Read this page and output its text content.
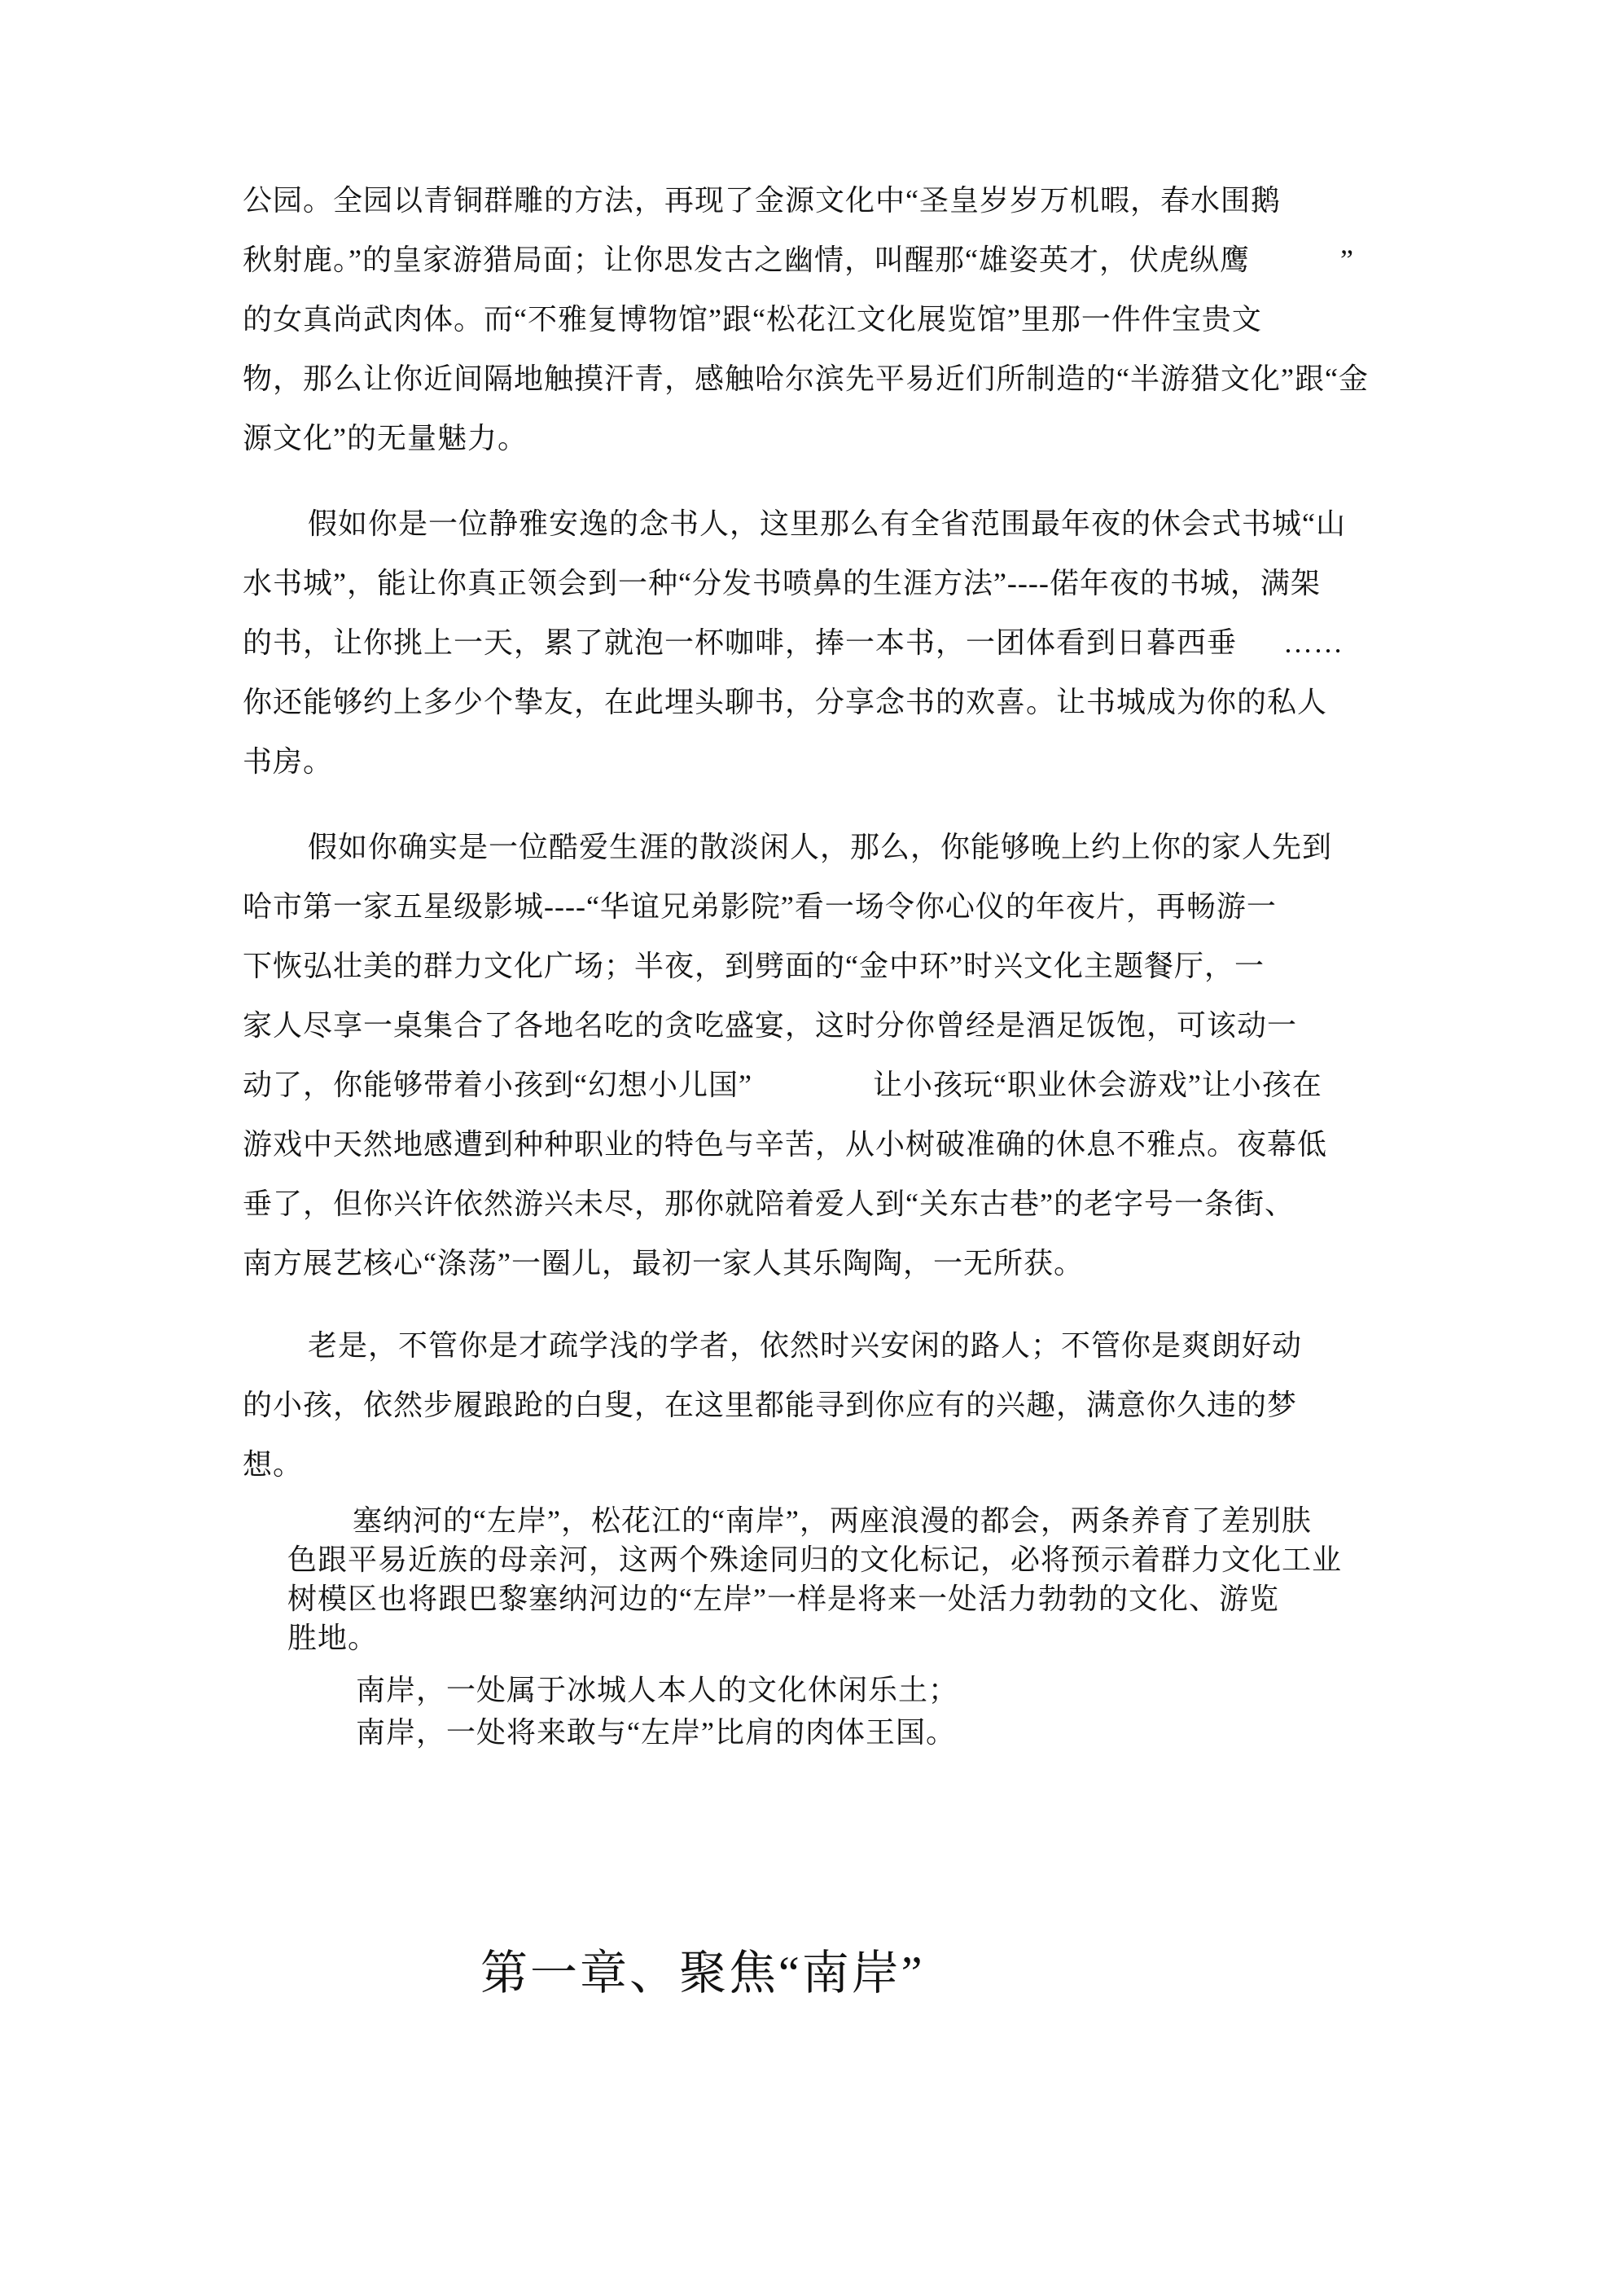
公园。全园以青铜群雕的方法，再现了金源文化中“圣皇岁岁万机暇，春水围鹅
秋射鹿。”的皇家游猎局面；让你思发古之幽情，叫醒那“雄姿英才，伏虎纵鹰　　　”
的女真尚武肉体。而“不雅复博物馆”跟“松花江文化展览馆”里那一件件宝贵文
物，那么让你近间隔地触摸汗青，感触哈尔滨先平易近们所制造的“半游猎文化”跟“金
源文化”的无量魅力。
假如你是一位静雅安逸的念书人，这里那么有全省范围最年夜的休会式书城“山
水书城”，能让你真正领会到一种“分发书喷鼻的生涯方法”----偌年夜的书城，满架
的书，让你挑上一天，累了就泡一杯咖啡，捧一本书，一团体看到日暮西垂　  ……
你还能够约上多少个挚友，在此埋头聊书，分享念书的欢喜。让书城成为你的私人
书房。
假如你确实是一位酷爱生涯的散淡闲人，那么，你能够晚上约上你的家人先到
哈市第一家五星级影城----“华谊兄弟影院”看一场令你心仪的年夜片，再畅游一
下恢弘壮美的群力文化广场；半夜，到劈面的“金中环”时兴文化主题餐厅，一
家人尽享一桌集合了各地名吃的贪吃盛宴，这时分你曾经是酒足饭饱，可该动一
动了，你能够带着小孩到“幻想小儿国”　　　　让小孩玩“职业休会游戏”让小孩在
游戏中天然地感遭到种种职业的特色与辛苦，从小树破准确的休息不雅点。夜幕低
垂了，但你兴许依然游兴未尽，那你就陪着爱人到“关东古巷”的老字号一条街、
南方展艺核心“涤荡”一圈儿，最初一家人其乐陶陶，一无所获。
老是，不管你是才疏学浅的学者，依然时兴安闲的路人；不管你是爽朗好动
的小孩，依然步履踉跄的白叟，在这里都能寻到你应有的兴趣，满意你久违的梦
想。
塞纳河的“左岸”，松花江的“南岸”，两座浪漫的都会，两条养育了差别肤
色跟平易近族的母亲河，这两个殊途同归的文化标记，必将预示着群力文化工业
树模区也将跟巴黎塞纳河边的“左岸”一样是将来一处活力勃勃的文化、游览
胜地。
南岸，一处属于冰城人本人的文化休闲乐土；
南岸，一处将来敢与“左岸”比肩的肉体王国。
第一章、聚焦“南岸”
